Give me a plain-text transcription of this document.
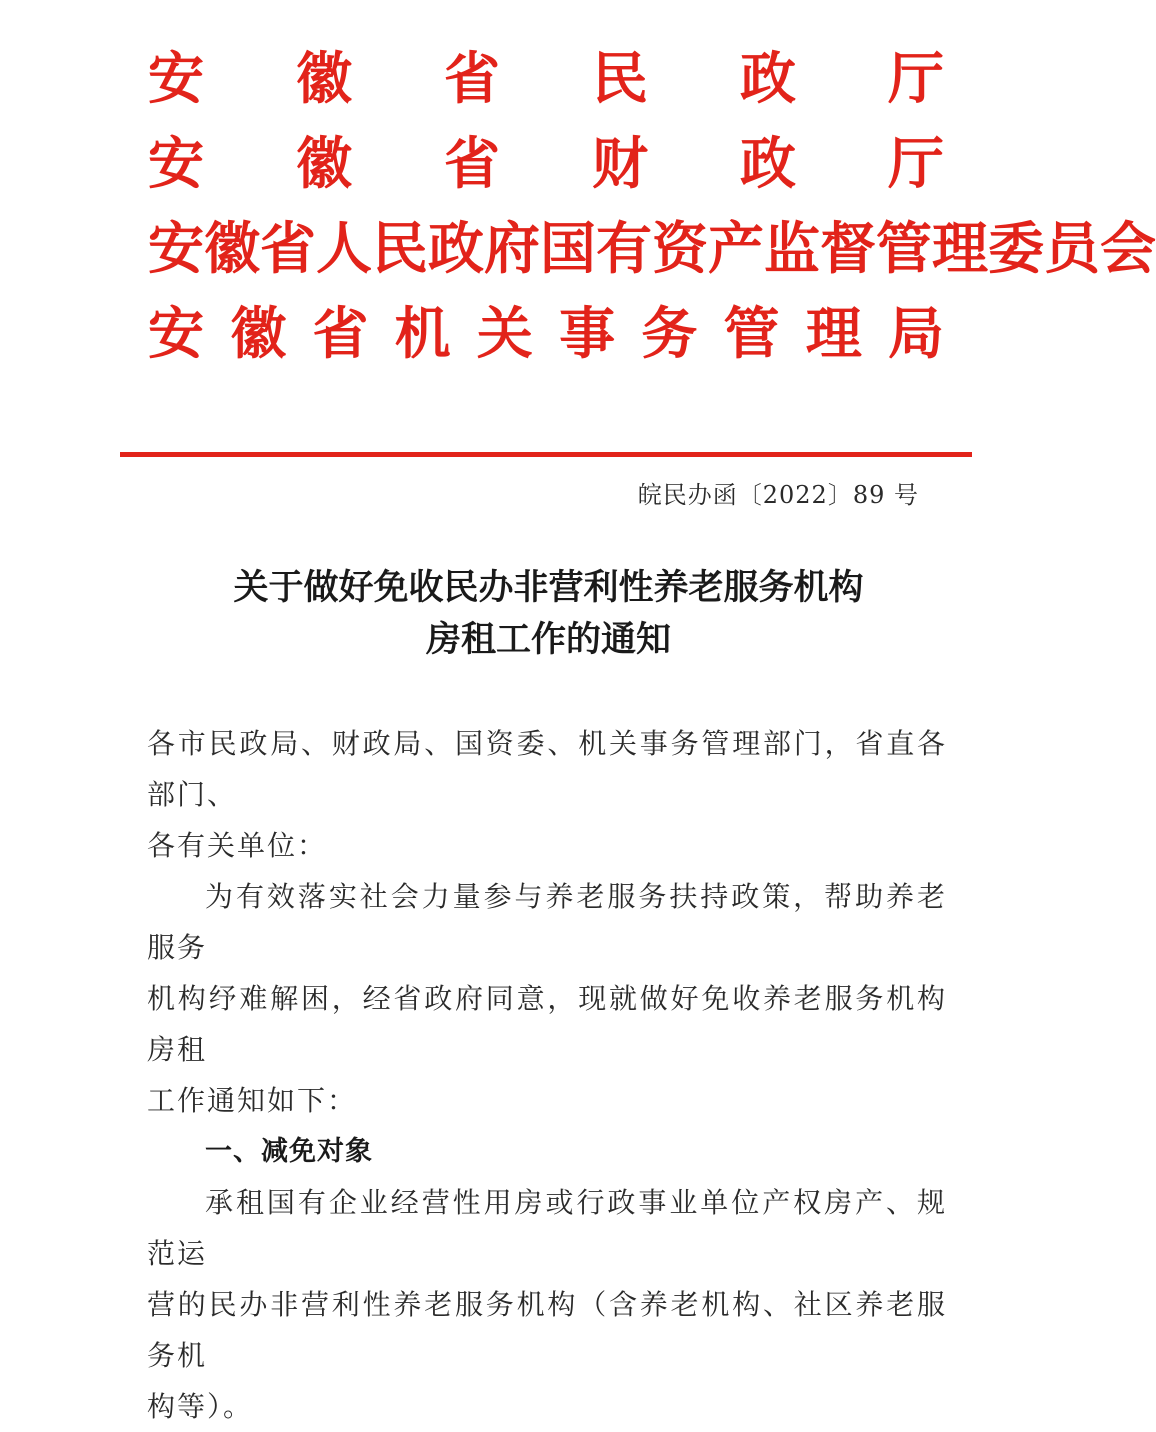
安 徽 省 民 政 厅
安 徽 省 财 政 厅
安 徽 省 人 民 政 府 国 有 资 产 监 督 管 理 委 员 会
安 徽 省 机 关 事 务 管 理 局
皖民办函〔2022〕89 号
关于做好免收民办非营利性养老服务机构
房租工作的通知

各市民政局、财政局、国资委、机关事务管理部门，省直各部门、

各有关单位：

为有效落实社会力量参与养老服务扶持政策，帮助养老服务

机构纾难解困，经省政府同意，现就做好免收养老服务机构房租

工作通知如下：

一、减免对象

承租国有企业经营性用房或行政事业单位产权房产、规范运

营的民办非营利性养老服务机构（含养老机构、社区养老服务机

构等）。
